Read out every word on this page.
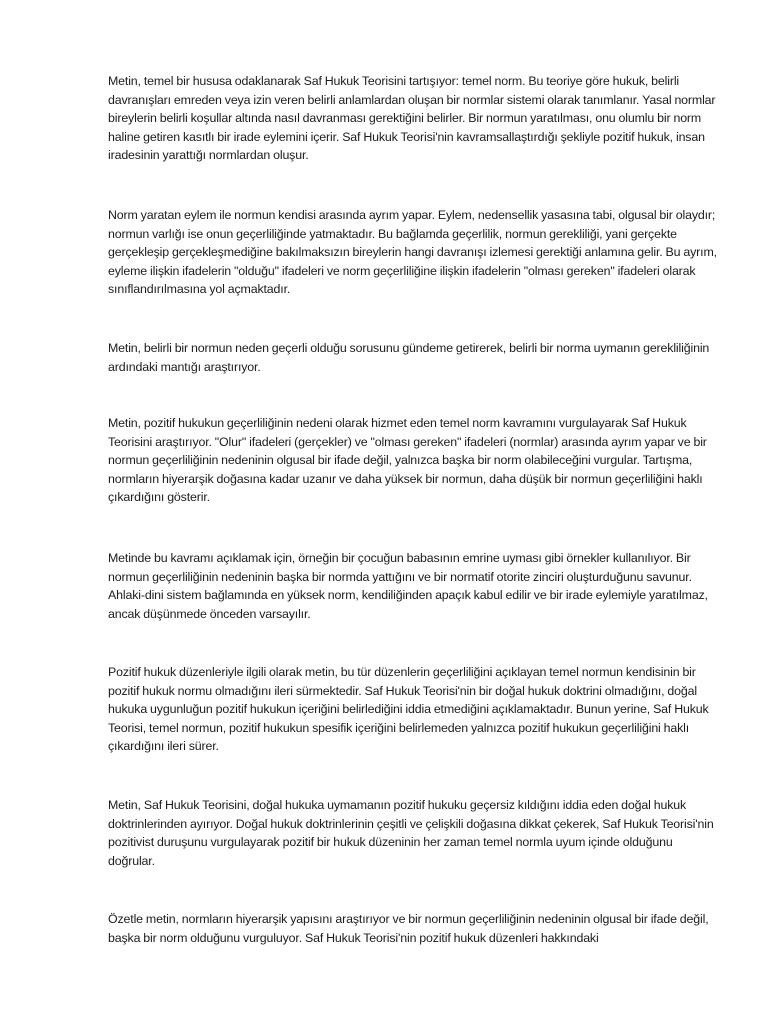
Metin, temel bir hususa odaklanarak Saf Hukuk Teorisini tartışıyor: temel norm. Bu teoriye göre hukuk, belirli davranışları emreden veya izin veren belirli anlamlardan oluşan bir normlar sistemi olarak tanımlanır. Yasal normlar bireylerin belirli koşullar altında nasıl davranması gerektiğini belirler. Bir normun yaratılması, onu olumlu bir norm haline getiren kasıtlı bir irade eylemini içerir. Saf Hukuk Teorisi'nin kavramsallaştırdığı şekliyle pozitif hukuk, insan iradesinin yarattığı normlardan oluşur.

Norm yaratan eylem ile normun kendisi arasında ayrım yapar. Eylem, nedensellik yasasına tabi, olgusal bir olaydır; normun varlığı ise onun geçerliliğinde yatmaktadır. Bu bağlamda geçerlilik, normun gerekliliği, yani gerçekte gerçekleşip gerçekleşmediğine bakılmaksızın bireylerin hangi davranışı izlemesi gerektiği anlamına gelir. Bu ayrım, eyleme ilişkin ifadelerin "olduğu" ifadeleri ve norm geçerliliğine ilişkin ifadelerin "olması gereken" ifadeleri olarak sınıflandırılmasına yol açmaktadır.

Metin, belirli bir normun neden geçerli olduğu sorusunu gündeme getirerek, belirli bir norma uymanın gerekliliğinin ardındaki mantığı araştırıyor.

Metin, pozitif hukukun geçerliliğinin nedeni olarak hizmet eden temel norm kavramını vurgulayarak Saf Hukuk Teorisini araştırıyor. "Olur" ifadeleri (gerçekler) ve "olması gereken" ifadeleri (normlar) arasında ayrım yapar ve bir normun geçerliliğinin nedeninin olgusal bir ifade değil, yalnızca başka bir norm olabileceğini vurgular. Tartışma, normların hiyerarşik doğasına kadar uzanır ve daha yüksek bir normun, daha düşük bir normun geçerliliğini haklı çıkardığını gösterir.

Metinde bu kavramı açıklamak için, örneğin bir çocuğun babasının emrine uyması gibi örnekler kullanılıyor. Bir normun geçerliliğinin nedeninin başka bir normda yattığını ve bir normatif otorite zinciri oluşturduğunu savunur. Ahlaki-dini sistem bağlamında en yüksek norm, kendiliğinden apaçık kabul edilir ve bir irade eylemiyle yaratılmaz, ancak düşünmede önceden varsayılır.

Pozitif hukuk düzenleriyle ilgili olarak metin, bu tür düzenlerin geçerliliğini açıklayan temel normun kendisinin bir pozitif hukuk normu olmadığını ileri sürmektedir. Saf Hukuk Teorisi'nin bir doğal hukuk doktrini olmadığını, doğal hukuka uygunluğun pozitif hukukun içeriğini belirlediğini iddia etmediğini açıklamaktadır. Bunun yerine, Saf Hukuk Teorisi, temel normun, pozitif hukukun spesifik içeriğini belirlemeden yalnızca pozitif hukukun geçerliliğini haklı çıkardığını ileri sürer.

Metin, Saf Hukuk Teorisini, doğal hukuka uymamanın pozitif hukuku geçersiz kıldığını iddia eden doğal hukuk doktrinlerinden ayırıyor. Doğal hukuk doktrinlerinin çeşitli ve çelişkili doğasına dikkat çekerek, Saf Hukuk Teorisi'nin pozitivist duruşunu vurgulayarak pozitif bir hukuk düzeninin her zaman temel normla uyum içinde olduğunu doğrular.

Özetle metin, normların hiyerarşik yapısını araştırıyor ve bir normun geçerliliğinin nedeninin olgusal bir ifade değil, başka bir norm olduğunu vurguluyor. Saf Hukuk Teorisi'nin pozitif hukuk düzenleri hakkındaki
